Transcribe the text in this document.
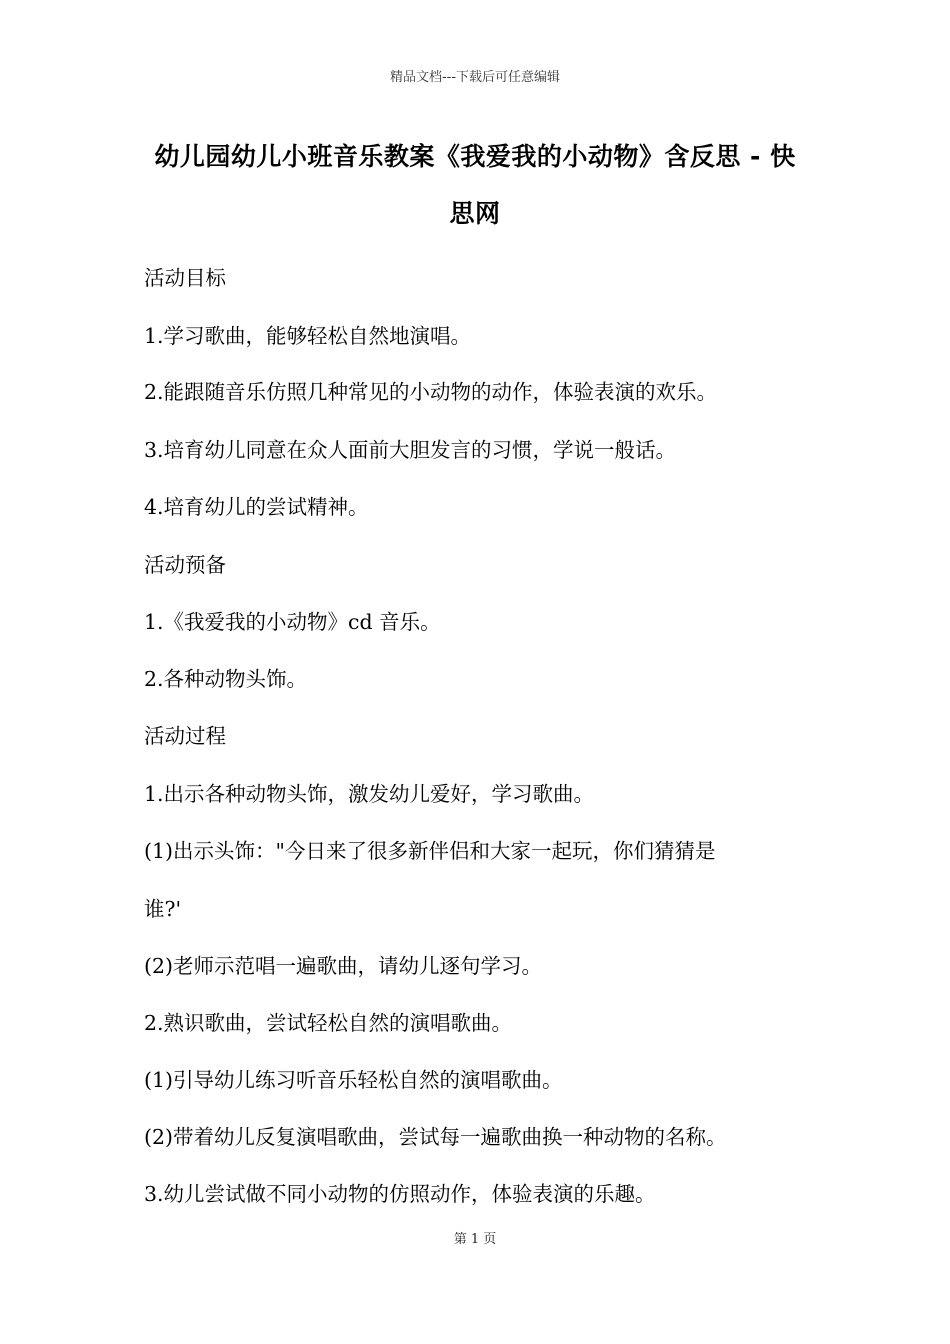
精品文档---下载后可任意编辑
幼儿园幼儿小班音乐教案《我爱我的小动物》含反思 - 快
思网
活动目标
1.学习歌曲，能够轻松自然地演唱。
2.能跟随音乐仿照几种常见的小动物的动作，体验表演的欢乐。
3.培育幼儿同意在众人面前大胆发言的习惯，学说一般话。
4.培育幼儿的尝试精神。
活动预备
1.《我爱我的小动物》cd 音乐。
2.各种动物头饰。
活动过程
1.出示各种动物头饰，激发幼儿爱好，学习歌曲。
(1)出示头饰："今日来了很多新伴侣和大家一起玩，你们猜猜是
谁?'
(2)老师示范唱一遍歌曲，请幼儿逐句学习。
2.熟识歌曲，尝试轻松自然的演唱歌曲。
(1)引导幼儿练习听音乐轻松自然的演唱歌曲。
(2)带着幼儿反复演唱歌曲，尝试每一遍歌曲换一种动物的名称。
3.幼儿尝试做不同小动物的仿照动作，体验表演的乐趣。
第 1 页
